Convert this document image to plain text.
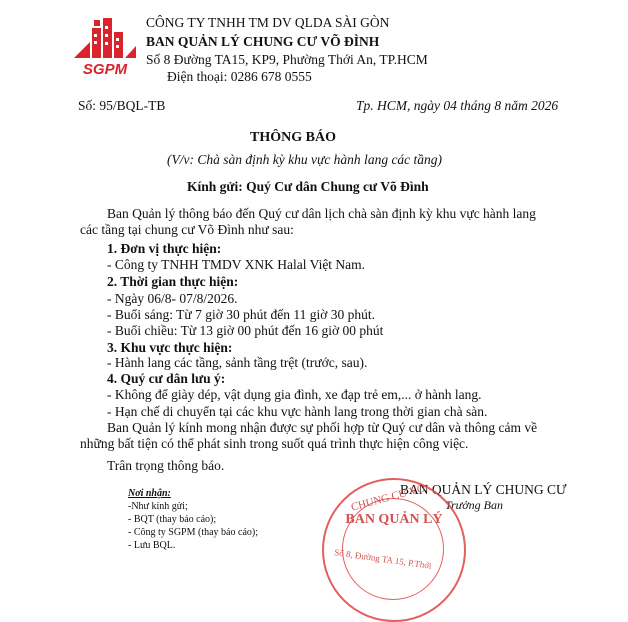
SGPM
CÔNG TY TNHH TM DV QLDA SÀI GÒN
BAN QUẢN LÝ CHUNG CƯ VÕ ĐÌNH
Số 8 Đường TA15, KP9, Phường Thới An, TP.HCM
Điện thoại: 0286 678 0555
Số: 95/BQL-TB	Tp. HCM, ngày 04 tháng 8 năm 2026
THÔNG BÁO
(V/v: Chà sàn định kỳ khu vực hành lang các tầng)
Kính gửi: Quý Cư dân Chung cư Võ Đình
Ban Quản lý thông báo đến Quý cư dân lịch chà sàn định kỳ khu vực hành lang
các tầng tại chung cư Võ Đình như sau:
1. Đơn vị thực hiện:
- Công ty TNHH TMDV XNK Halal Việt Nam.
2. Thời gian thực hiện:
- Ngày 06/8- 07/8/2026.
- Buổi sáng: Từ 7 giờ 30 phút đến 11 giờ 30 phút.
- Buổi chiều: Từ 13 giờ 00 phút đến 16 giờ 00 phút
3. Khu vực thực hiện:
- Hành lang các tầng, sảnh tầng trệt (trước, sau).
4. Quý cư dân lưu ý:
- Không để giày dép, vật dụng gia đình, xe đạp trẻ em,... ở hành lang.
- Hạn chế di chuyển tại các khu vực hành lang trong thời gian chà sàn.
Ban Quản lý kính mong nhận được sự phối hợp từ Quý cư dân và thông cảm về
những bất tiện có thể phát sinh trong suốt quá trình thực hiện công việc.
Trân trọng thông báo.
Nơi nhận:
-Như kính gửi;
- BQT (thay báo cáo);
- Công ty SGPM (thay báo cáo);
- Lưu BQL.
BAN QUẢN LÝ CHUNG CƯ
Trưởng Ban
CHUNG CƯ VÕ
BAN QUẢN LÝ
Số 8, Đường TA 15, P.Thới
